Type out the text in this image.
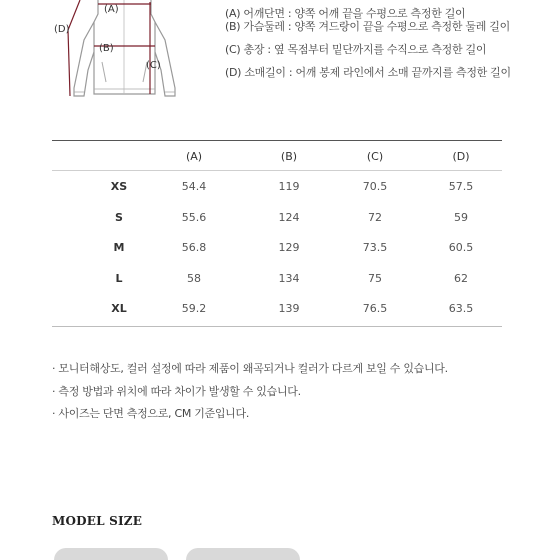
(A)
(B)
(C)
(D)
(A) 어깨단면 : 양쪽 어깨 끝을 수평으로 측정한 길이
(B) 가슴둘레 : 양쪽 겨드랑이 끝을 수평으로 측정한 둘레 길이
(C) 총장 : 옆 목점부터 밑단까지를 수직으로 측정한 길이
(D) 소매길이 : 어깨 봉제 라인에서 소매 끝까지를 측정한 길이
(A)	(B)	(C)	(D)
XS	54.4	119	70.5	57.5
S	55.6	124	72	59
M	56.8	129	73.5	60.5
L	58	134	75	62
XL	59.2	139	76.5	63.5
· 모니터해상도, 컬러 설정에 따라 제품이 왜곡되거나 컬러가 다르게 보일 수 있습니다.
· 측정 방법과 위치에 따라 차이가 발생할 수 있습니다.
· 사이즈는 단면 측정으로, CM 기준입니다.
MODEL SIZE
